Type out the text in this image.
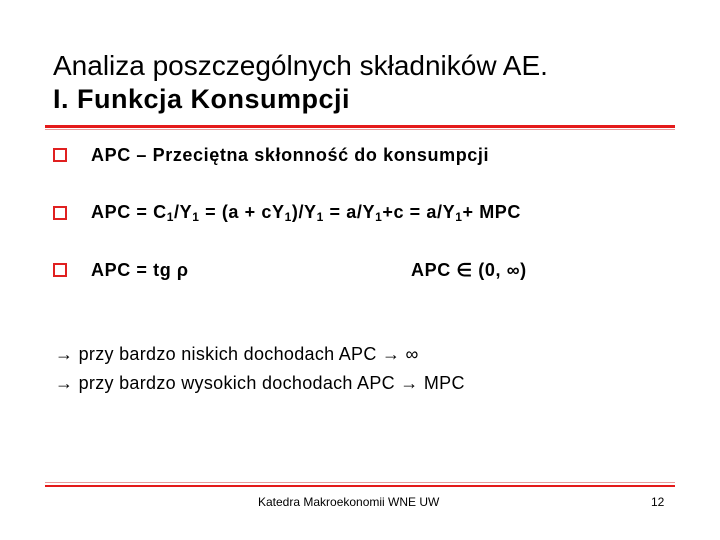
Analiza poszczególnych składników AE.
I. Funkcja Konsumpcji
APC – Przeciętna skłonność do konsumpcji
APC = $C_1/Y_1 = (a + cY_1)/Y_1 = a/Y_1+c = a/Y_1+$ MPC
APC = tg ρ	APC ∈ (0, ∞)
→ przy bardzo niskich dochodach APC → ∞
→ przy bardzo wysokich dochodach APC → MPC
Katedra Makroekonomii WNE UW	12
